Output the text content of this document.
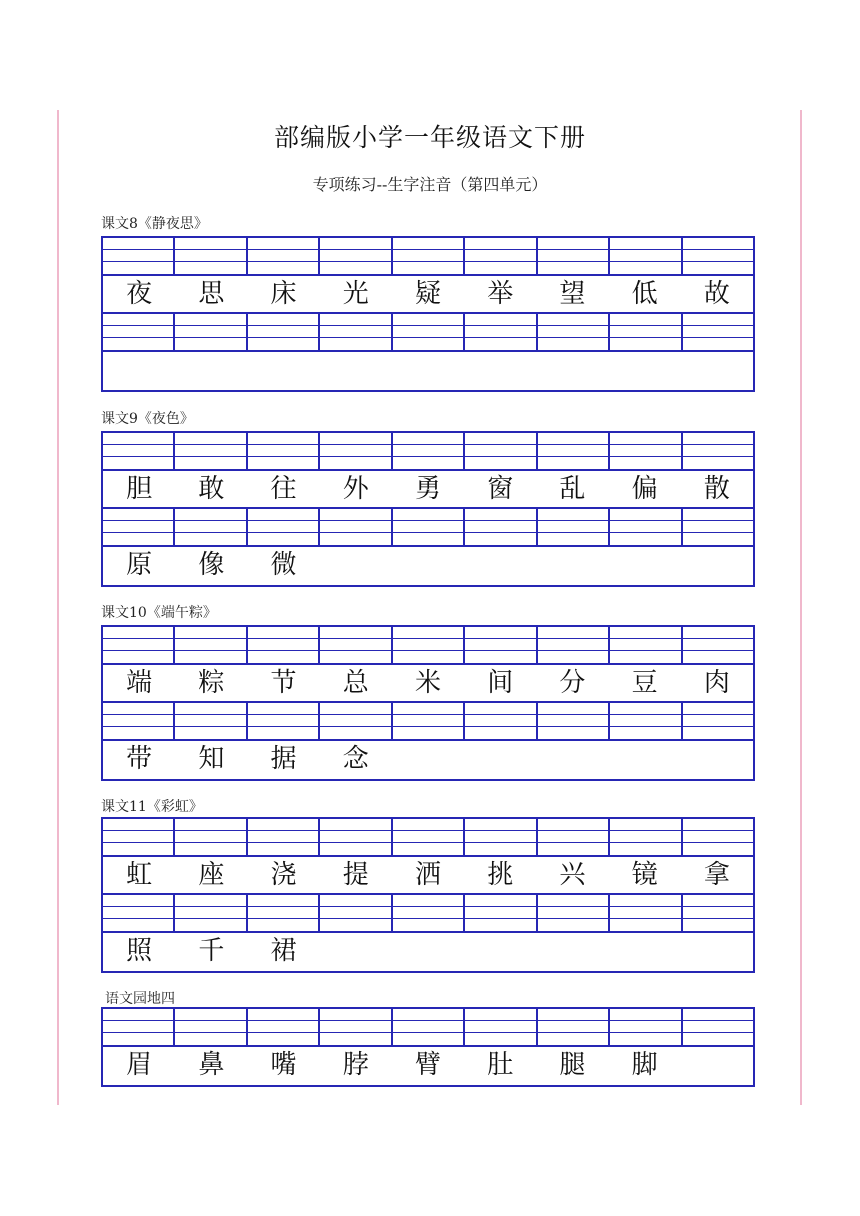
部编版小学一年级语文下册
专项练习--生字注音（第四单元）
课文8《静夜思》
夜	思	床	光	疑	举	望	低	故
课文9《夜色》
胆	敢	往	外	勇	窗	乱	偏	散
原	像	微
课文10《端午粽》
端	粽	节	总	米	间	分	豆	肉
带	知	据	念
课文11《彩虹》
虹	座	浇	提	洒	挑	兴	镜	拿
照	千	裙
语文园地四
眉	鼻	嘴	脖	臂	肚	腿	脚
